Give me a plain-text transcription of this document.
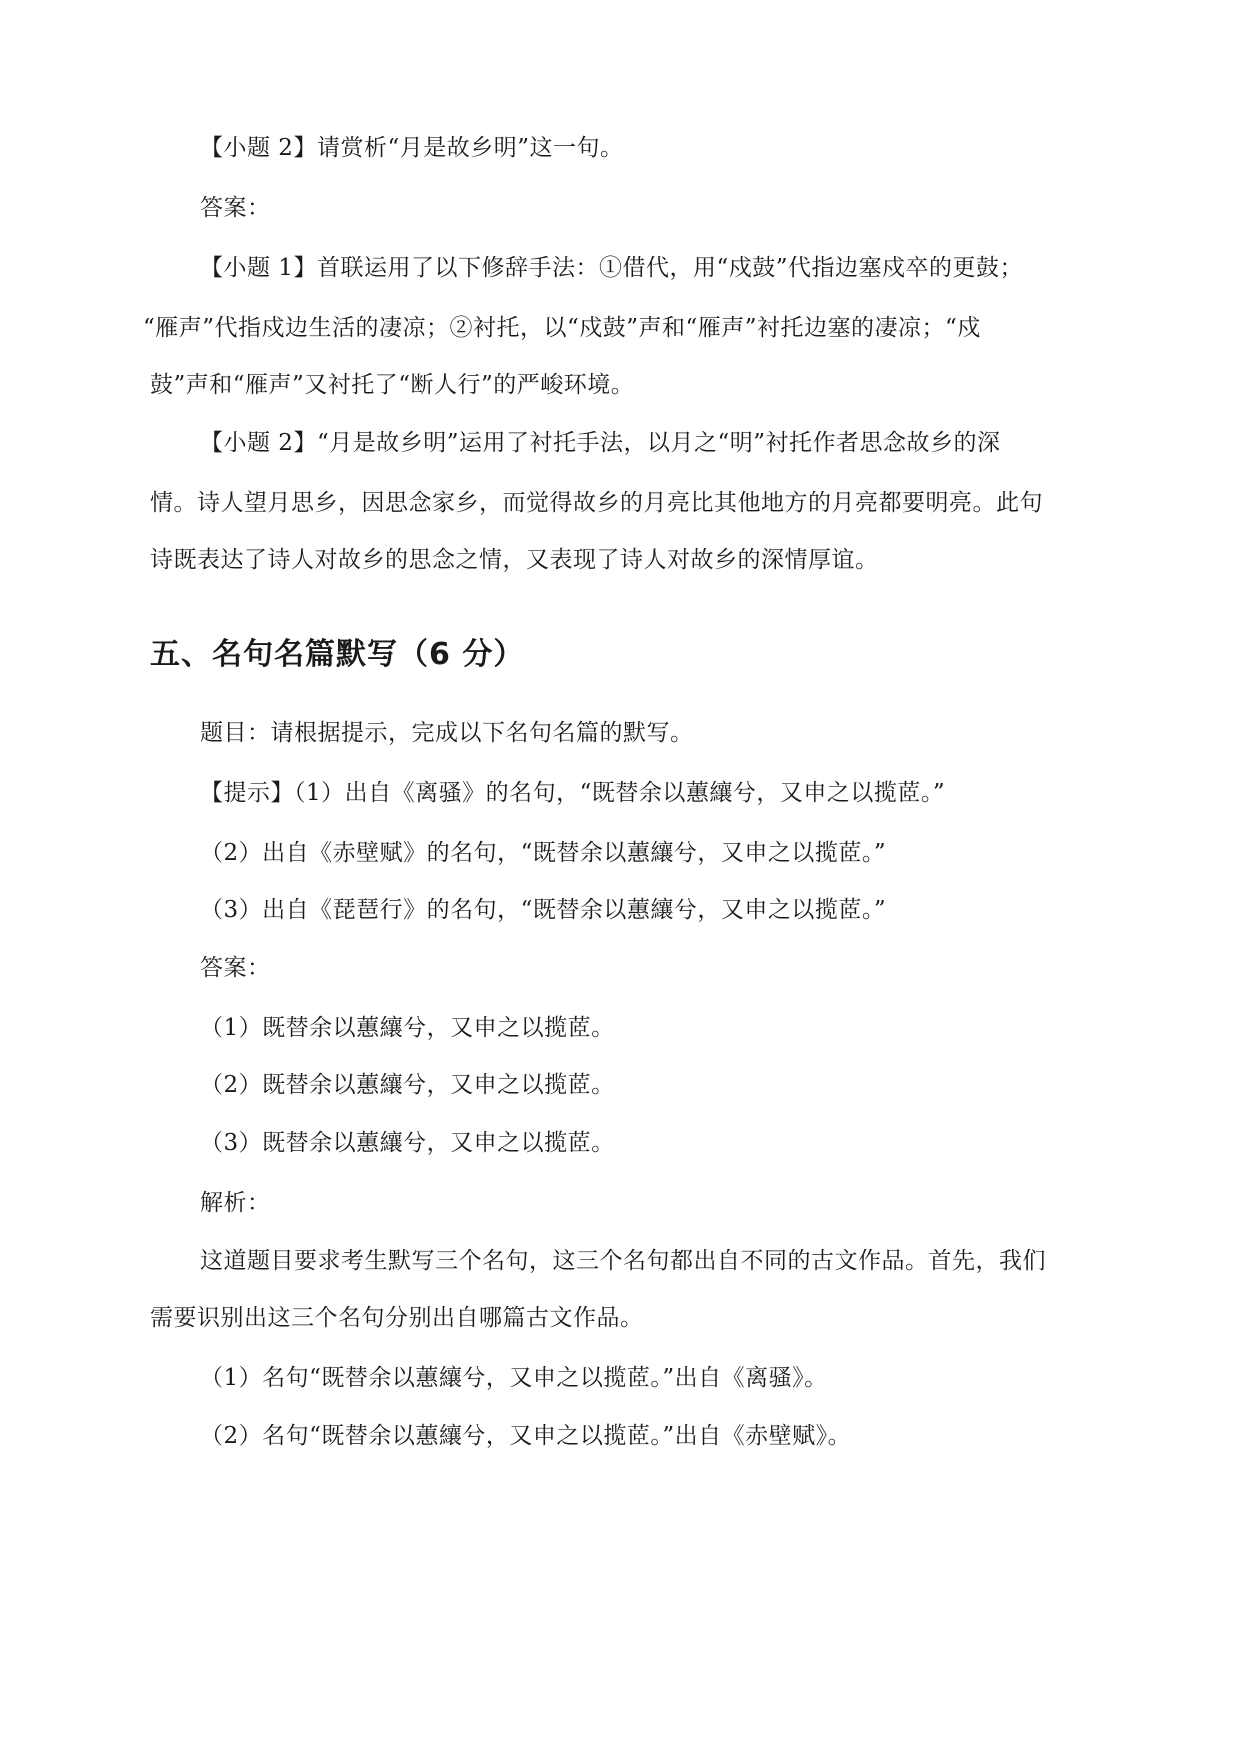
【小题 2】请赏析“月是故乡明”这一句。
答案：
【小题 1】首联运用了以下修辞手法：①借代，用“戍鼓”代指边塞戍卒的更鼓；
“雁声”代指戍边生活的凄凉；②衬托，以“戍鼓”声和“雁声”衬托边塞的凄凉；“戍
鼓”声和“雁声”又衬托了“断人行”的严峻环境。
【小题 2】“月是故乡明”运用了衬托手法，以月之“明”衬托作者思念故乡的深
情。诗人望月思乡，因思念家乡，而觉得故乡的月亮比其他地方的月亮都要明亮。此句
诗既表达了诗人对故乡的思念之情，又表现了诗人对故乡的深情厚谊。
五、名句名篇默写（6 分）
题目：请根据提示，完成以下名句名篇的默写。
【提示】（1）出自《离骚》的名句，“既替余以蕙纕兮，又申之以揽茝。”
（2）出自《赤壁赋》的名句，“既替余以蕙纕兮，又申之以揽茝。”
（3）出自《琵琶行》的名句，“既替余以蕙纕兮，又申之以揽茝。”
答案：
（1）既替余以蕙纕兮，又申之以揽茝。
（2）既替余以蕙纕兮，又申之以揽茝。
（3）既替余以蕙纕兮，又申之以揽茝。
解析：
这道题目要求考生默写三个名句，这三个名句都出自不同的古文作品。首先，我们
需要识别出这三个名句分别出自哪篇古文作品。
（1）名句“既替余以蕙纕兮，又申之以揽茝。”出自《离骚》。
（2）名句“既替余以蕙纕兮，又申之以揽茝。”出自《赤壁赋》。
